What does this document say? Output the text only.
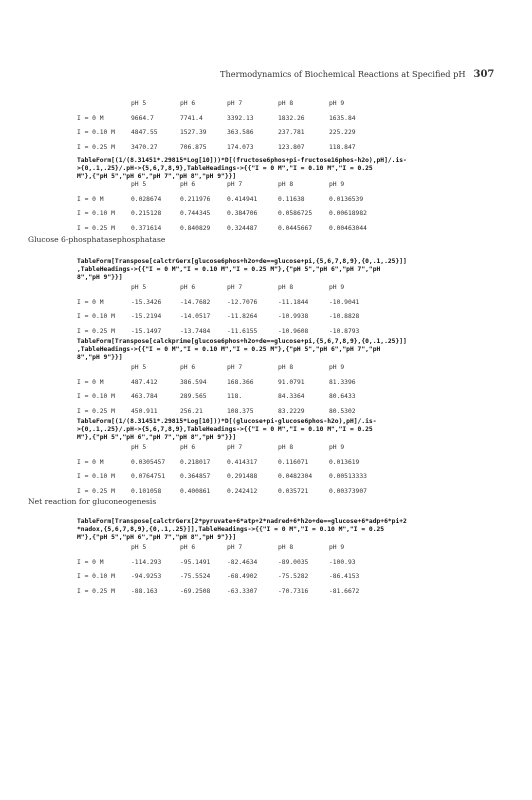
Thermodynamics of Biochemical Reactions at Specified pH 307
pH 5	pH 6	pH 7	pH 8	pH 9
I = 0 M	9664.7	7741.4	3392.13	1832.26	1635.84
I = 0.10 M	4847.55	1527.39	363.586	237.781	225.229
I = 0.25 M	3470.27	706.875	174.073	123.807	118.847
TableForm[(1/(8.31451*.29815*Log[10]))*D[(fructose6phos+pi-fructose16phos-h2o),pH]/.is-
>{0,.1,.25}/.pH->{5,6,7,8,9},TableHeadings->{{"I = 0 M","I = 0.10 M","I = 0.25
M"},{"pH 5","pH 6","pH 7","pH 8","pH 9"}}]
pH 5	pH 6	pH 7	pH 8	pH 9
I = 0 M	0.028674	0.211976	0.414941	0.11638	0.0136539
I = 0.10 M	0.215128	0.744345	0.384706	0.0586725	0.00618982
I = 0.25 M	0.371614	0.840829	0.324487	0.0445667	0.00463044
Glucose 6-phosphatasephosphatase
TableForm[Transpose[calctrGerx[glucose6phos+h2o+de==glucose+pi,{5,6,7,8,9},{0,.1,.25}]]
,TableHeadings->{{"I = 0 M","I = 0.10 M","I = 0.25 M"},{"pH 5","pH 6","pH 7","pH
8","pH 9"}}]
pH 5	pH 6	pH 7	pH 8	pH 9
I = 0 M	-15.3426	-14.7682	-12.7076	-11.1844	-10.9041
I = 0.10 M	-15.2194	-14.0517	-11.8264	-10.9938	-10.8828
I = 0.25 M	-15.1497	-13.7484	-11.6155	-10.9608	-10.8793
TableForm[Transpose[calckprime[glucose6phos+h2o+de==glucose+pi,{5,6,7,8,9},{0,.1,.25}]]
,TableHeadings->{{"I = 0 M","I = 0.10 M","I = 0.25 M"},{"pH 5","pH 6","pH 7","pH
8","pH 9"}}]
pH 5	pH 6	pH 7	pH 8	pH 9
I = 0 M	487.412	386.594	168.366	91.0791	81.3396
I = 0.10 M	463.784	289.565	118.	84.3364	80.6433
I = 0.25 M	450.911	256.21	108.375	83.2229	80.5302
TableForm[(1/(8.31451*.29815*Log[10]))*D[(glucose+pi-glucose6phos-h2o),pH]/.is-
>{0,.1,.25}/.pH->{5,6,7,8,9},TableHeadings->{{"I = 0 M","I = 0.10 M","I = 0.25
M"},{"pH 5","pH 6","pH 7","pH 8","pH 9"}}]
pH 5	pH 6	pH 7	pH 8	pH 9
I = 0 M	0.0305457 0.218017	0.414317	0.116071	0.013619
I = 0.10 M	0.0764751 0.364857	0.291488	0.0482304	0.00513333
I = 0.25 M	0.101058	0.400861	0.242412	0.035721	0.00373907
Net reaction for gluconeogenesis
TableForm[Transpose[calctrGerx[2*pyruvate+6*atp+2*nadred+6*h2o+de==glucose+6*adp+6*pi+2
*nadox,{5,6,7,8,9},{0,.1,.25}]],TableHeadings->{{"I = 0 M","I = 0.10 M","I = 0.25
M"},{"pH 5","pH 6","pH 7","pH 8","pH 9"}}]
pH 5	pH 6	pH 7	pH 8	pH 9
I = 0 M	-114.293	-95.1491	-82.4634	-89.0035	-100.93
I = 0.10 M	-94.9253	-75.5524	-68.4902	-75.5282	-86.4153
I = 0.25 M	-88.163	-69.2508	-63.3307	-70.7316	-81.6672
